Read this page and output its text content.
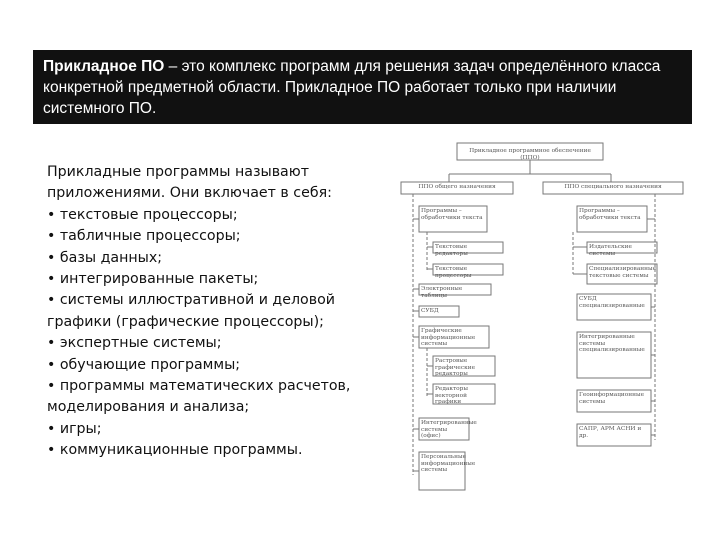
Прикладное ПО – это комплекс программ для решения задач определённого класса конкретной предметной области. Прикладное ПО работает только при наличии системного ПО.
Прикладные программы называют
приложениями. Они включает в себя:
• текстовые процессоры;
• табличные процессоры;
• базы данных;
• интегрированные пакеты;
• системы иллюстративной и деловой
графики (графические процессоры);
• экспертные системы;
• обучающие программы;
• программы математических расчетов,
моделирования и анализа;
• игры;
• коммуникационные программы.
Прикладное программное обеспечение (ППО)
ППО общего назначения	ППО специального назначения
Программы – обработчики текста
Текстовые редакторы
Текстовые процессоры
Электронные таблицы
СУБД
Графические информационные системы
Растровые графические редакторы
Редакторы векторной графики
Интегрированные системы (офис)
Персональные информационные системы
Программы – обработчики текста
Издательские системы
Специализированные текстовые системы
СУБД специализированные
Интегрированные системы специализированные
Геоинформационные системы
САПР, АРМ АСНИ и др.
